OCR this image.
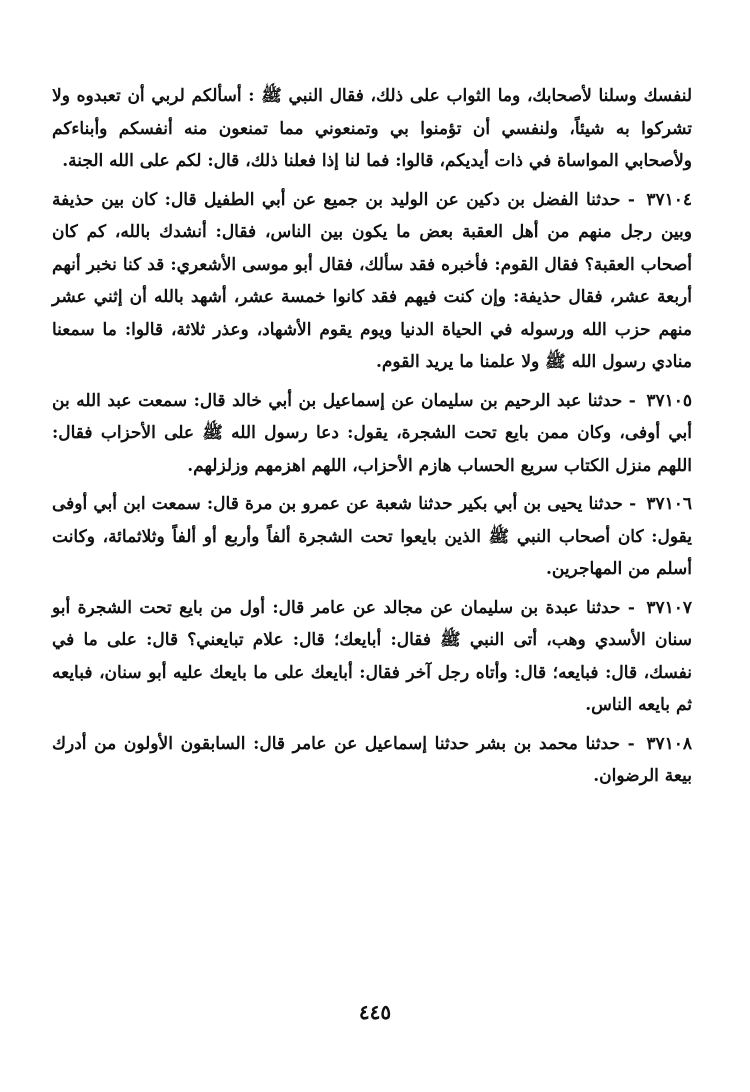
لنفسك وسلنا لأصحابك، وما الثواب على ذلك، فقال النبي ﷺ : أسألكم لربي أن تعبدوه ولا تشركوا به شيئاً، ولنفسي أن تؤمنوا بي وتمنعوني مما تمنعون منه أنفسكم وأبناءكم ولأصحابي المواساة في ذات أيديكم، قالوا: فما لنا إذا فعلنا ذلك، قال: لكم على الله الجنة.

٣٧١٠٤ - حدثنا الفضل بن دكين عن الوليد بن جميع عن أبي الطفيل قال: كان بين حذيفة وبين رجل منهم من أهل العقبة بعض ما يكون بين الناس، فقال: أنشدك بالله، كم كان أصحاب العقبة؟ فقال القوم: فأخبره فقد سألك، فقال أبو موسى الأشعري: قد كنا نخبر أنهم أربعة عشر، فقال حذيفة: وإن كنت فيهم فقد كانوا خمسة عشر، أشهد بالله أن إثني عشر منهم حزب الله ورسوله في الحياة الدنيا ويوم يقوم الأشهاد، وعذر ثلاثة، قالوا: ما سمعنا منادي رسول الله ﷺ ولا علمنا ما يريد القوم.

٣٧١٠٥ - حدثنا عبد الرحيم بن سليمان عن إسماعيل بن أبي خالد قال: سمعت عبد الله بن أبي أوفى، وكان ممن بايع تحت الشجرة، يقول: دعا رسول الله ﷺ على الأحزاب فقال: اللهم منزل الكتاب سريع الحساب هازم الأحزاب، اللهم اهزمهم وزلزلهم.

٣٧١٠٦ - حدثنا يحيى بن أبي بكير حدثنا شعبة عن عمرو بن مرة قال: سمعت ابن أبي أوفى يقول: كان أصحاب النبي ﷺ الذين بايعوا تحت الشجرة ألفاً وأربع أو ألفاً وثلاثمائة، وكانت أسلم من المهاجرين.

٣٧١٠٧ - حدثنا عبدة بن سليمان عن مجالد عن عامر قال: أول من بايع تحت الشجرة أبو سنان الأسدي وهب، أتى النبي ﷺ فقال: أبايعك؛ قال: علام تبايعني؟ قال: على ما في نفسك، قال: فبايعه؛ قال: وأتاه رجل آخر فقال: أبايعك على ما بايعك عليه أبو سنان، فبايعه ثم بايعه الناس.

٣٧١٠٨ - حدثنا محمد بن بشر حدثنا إسماعيل عن عامر قال: السابقون الأولون من أدرك بيعة الرضوان.

٤٤٥
